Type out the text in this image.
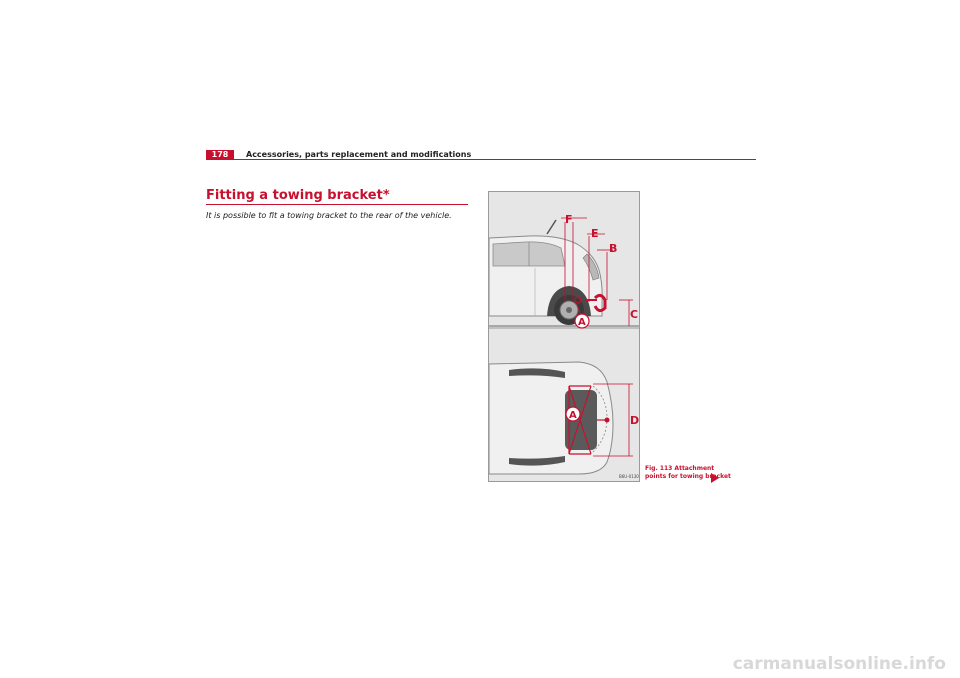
178	Accessories, parts replacement and modifications
Fitting a towing bracket*
It is possible to fit a towing bracket to the rear of the vehicle.	F
E
B
C
A
A	D
B6U-0130
Fig. 113 Attachment
points for towing bracket
carmanualsonline.info
